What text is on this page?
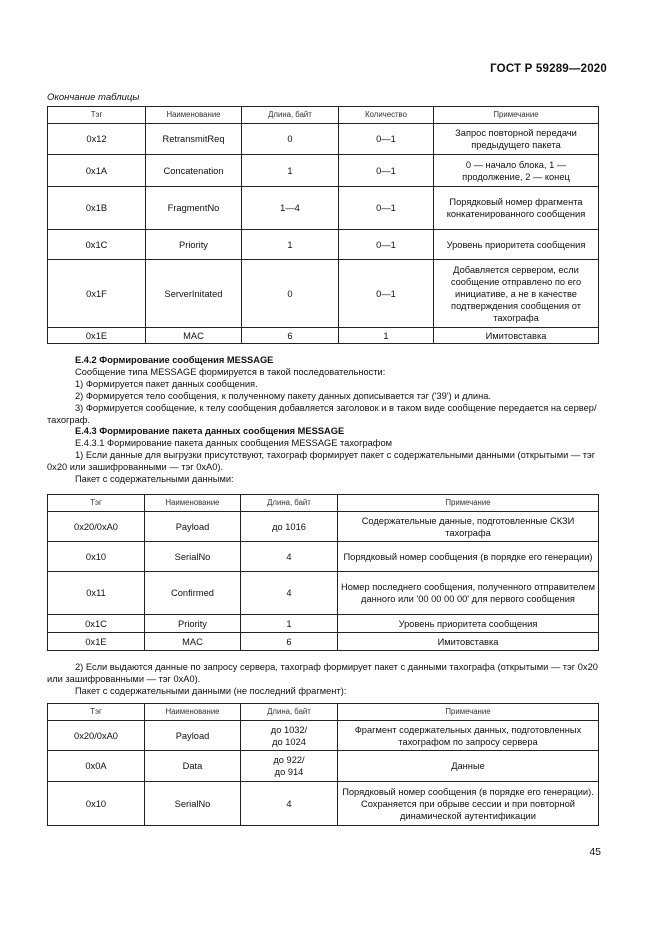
ГОСТ Р 59289—2020
Окончание таблицы
Тэг	Наименование	Длина, байт	Количество	Примечание
0x12	RetransmitReq	0	0—1	Запрос повторной передачи предыдущего пакета
0x1A	Concatenation	1	0—1	0 — начало блока, 1 — продолжение, 2 — конец
0x1B	FragmentNo	1—4	0—1	Порядковый номер фрагмента конкатенированного сообщения
0x1C	Priority	1	0—1	Уровень приоритета сообщения
0x1F	ServerInitated	0	0—1	Добавляется сервером, если сообщение отправлено по его инициативе, а не в качестве подтверждения сообщения от тахографа
0x1E	MAC	6	1	Имитовставка

Е.4.2 Формирование сообщения MESSAGE

Сообщение типа MESSAGE формируется в такой последовательности:

1) Формируется пакет данных сообщения.

2) Формируется тело сообщения, к полученному пакету данных дописывается тэг ('39') и длина.

3) Формируется сообщение, к телу сообщения добавляется заголовок и в таком виде сообщение передается на сервер/тахограф.

Е.4.3 Формирование пакета данных сообщения MESSAGE

Е.4.3.1 Формирование пакета данных сообщения MESSAGE тахографом

1) Если данные для выгрузки присутствуют, тахограф формирует пакет с содержательными данными (открытыми — тэг 0x20 или зашифрованными — тэг 0xA0).

Пакет с содержательными данными:

Тэг	Наименование	Длина, байт	Примечание
0x20/0xA0	Payload	до 1016	Содержательные данные, подготовленные СКЗИ тахографа
0x10	SerialNo	4	Порядковый номер сообщения (в порядке его генерации)
0x11	Confirmed	4	Номер последнего сообщения, полученного отправителем данного или '00 00 00 00' для первого сообщения
0x1C	Priority	1	Уровень приоритета сообщения
0x1E	MAC	6	Имитовставка

2) Если выдаются данные по запросу сервера, тахограф формирует пакет с данными тахографа (открытыми — тэг 0x20 или зашифрованными — тэг 0xA0).

Пакет с содержательными данными (не последний фрагмент):

Тэг	Наименование	Длина, байт	Примечание
0x20/0xA0	Payload	до 1032/
до 1024	Фрагмент содержательных данных, подготовленных тахографом по запросу сервера
0x0A	Data	до 922/
до 914	Данные
0x10	SerialNo	4	Порядковый номер сообщения (в порядке его генерации). Сохраняется при обрыве сессии и при повторной динамической аутентификации
45
